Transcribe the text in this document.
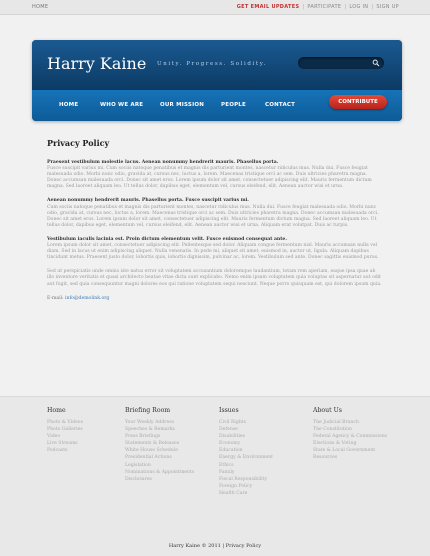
HOME	GET EMAIL UPDATES | PARTICIPATE | LOG IN | SIGN UP
Harry Kaine Unity. Progress. Solidity.
HOME	WHO WE ARE	OUR MISSION	PEOPLE	CONTACT	CONTRIBUTE
Privacy Policy
Praesent vestibulum molestie lacus. Aenean nonummy hendrerit mauris. Phasellus porta.
Fusce suscipit varius mi. Cum sociis natoque penatibus et magnis dis parturient montes, nascetur ridiculus mus. Nulla dui. Fusce feugiat malesuada odio. Morbi nunc odio, gravida at, cursus nec, luctus a, lorem. Maecenas tristique orci ac sem. Duis ultricies pharetra magna. Donec accumsan malesuada orci. Donec sit amet eros. Lorem ipsum dolor sit amet, consectetuer adipiscing elit. Mauris fermentum dictum magna. Sed laoreet aliquam leo. Ut tellus dolor, dapibus eget, elementum vel, cursus eleifend, elit. Aenean auctor wisi et urna.
Aenean nonummy hendrerit mauris. Phasellus porta. Fusce suscipit varius mi.
Cum sociis natoque penatibus et magnis dis parturient montes, nascetur ridiculus mus. Nulla dui. Fusce feugiat malesuada odio. Morbi nunc odio, gravida at, cursus nec, luctus a, lorem. Maecenas tristique orci ac sem. Duis ultricies pharetra magna. Donec accumsan malesuada orci. Donec sit amet eros. Lorem ipsum dolor sit amet, consectetuer adipiscing elit. Mauris fermentum dictum magna. Sed laoreet aliquam leo. Ut tellus dolor, dapibus eget, elementum vel, cursus eleifend, elit. Aenean auctor wisi et urna. Aliquam erat volutpat. Duis ac turpis.
Vestibulum iaculis lacinia est. Proin dictum elementum velit. Fusce euismod consequat ante.
Lorem ipsum dolor sit amet, consectetuer adipiscing elit. Pellentesque sed dolor. Aliquam congue fermentum nisl. Mauris accumsan nulla vel diam. Sed in lacus ut enim adipiscing aliquet. Nulla venenatis. In pede mi, aliquet sit amet, euismod in, auctor ut, ligula. Aliquam dapibus tincidunt metus. Praesent justo dolor, lobortis quis, lobortis dignissim, pulvinar ac, lorem. Vestibulum sed ante. Donec sagittis euismod purus.
Sed ut perspiciatis unde omnis iste natus error sit voluptatem accusantium doloremque laudantium, totam rem aperiam, eaque ipsa quae ab illo inventore veritatis et quasi architecto beatae vitae dicta sunt explicabo. Nemo enim ipsam voluptatem quia voluptas sit aspernatur aut odit aut fugit, sed quia consequuntur magni dolores eos qui ratione voluptatem sequi nesciunt. Neque porro quisquam est, qui dolorem ipsum quia.
E-mail: info@demolink.org
Home
Photo & Videos
Photo Galleries
Video
Live Streams
Podcasts
Briefing Room
Your Weekly Address
Speeches & Remarks
Press Briefings
Statements & Releases
White House Schedule
Presidential Actions
Legislation
Nominations & Appointments
Disclosures
Issues
Civil Rights
Defense
Disabilities
Economy
Education
Energy & Environment
Ethics
Family
Fiscal Responsibility
Foreign Policy
Health Care
About Us
The Judicial Branch
The Constitution
Federal Agency & Commissions
Elections & Voting
State & Local Government
Resources
Harry Kaine © 2011 | Privacy Policy
